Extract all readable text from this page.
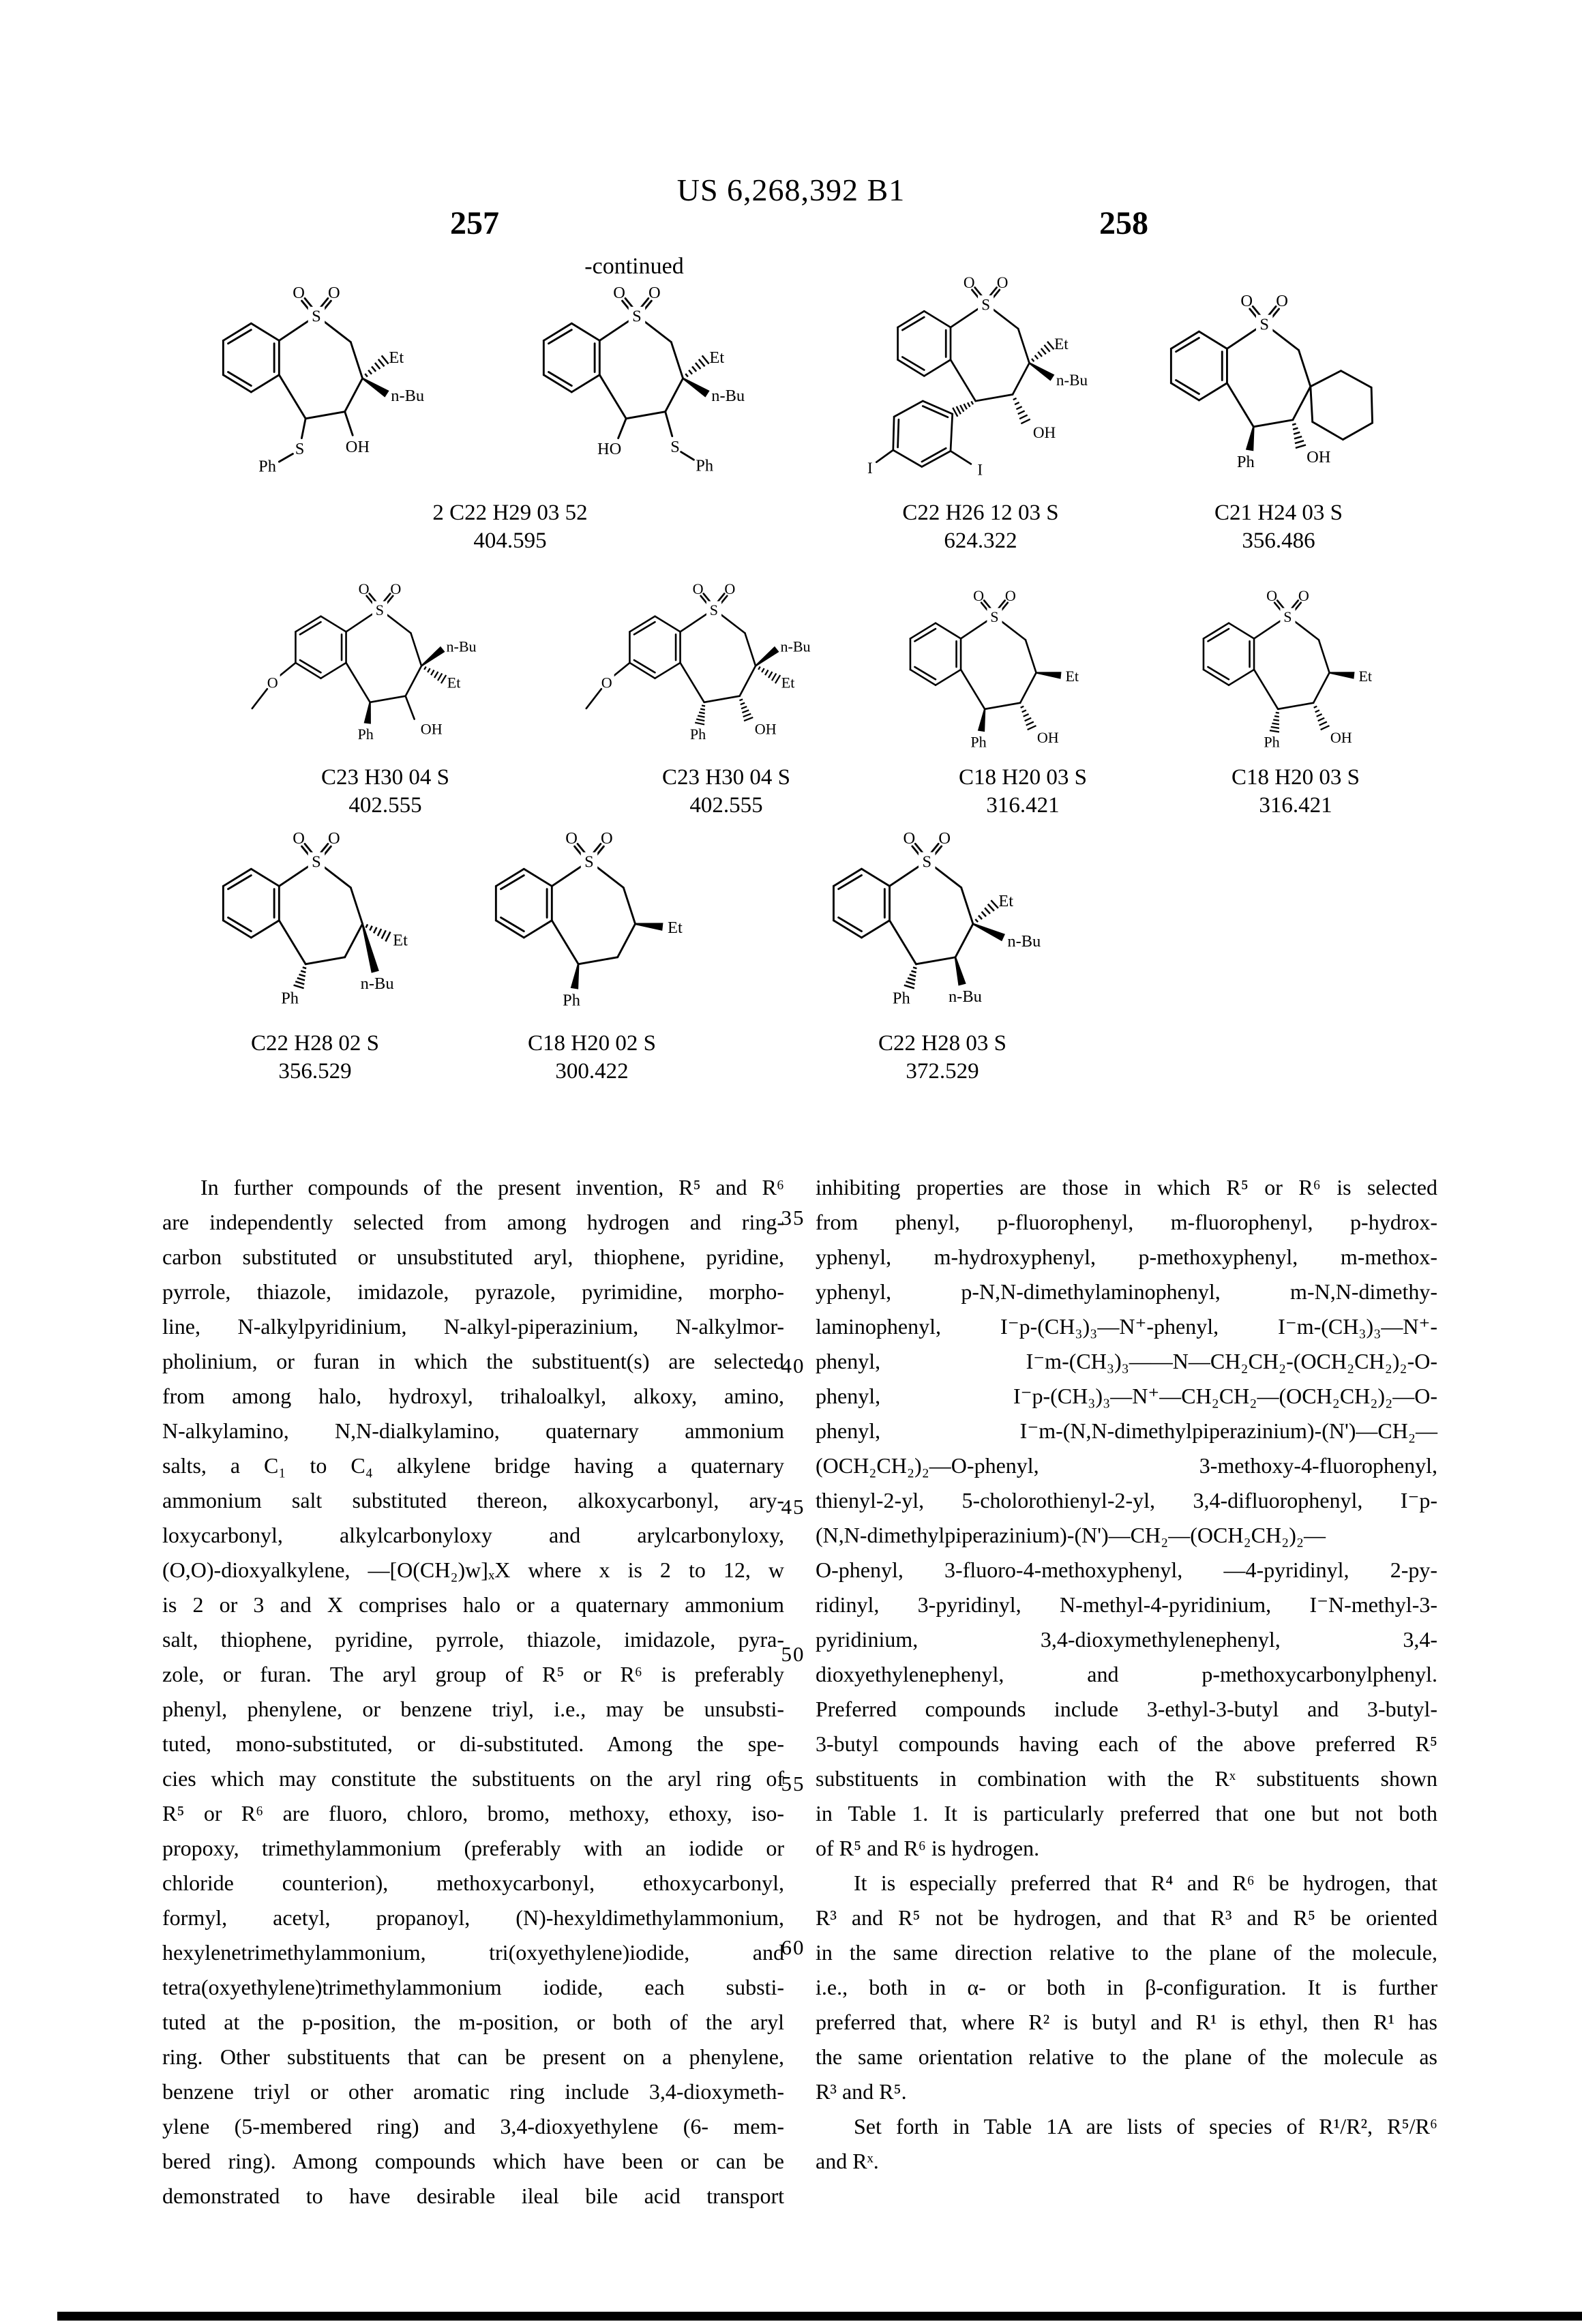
US 6,268,392 B1
257	258
-continued
O O
S
Et
n-Bu
OH
S
Ph
O O
S
Et
n-Bu
HO S
Ph
O O
S
Et
n-Bu
OH
I
I
O O
S
Ph OH
O O
S
O
n-Bu
Et
Ph OH
O O
S
O
n-Bu
Et
Ph OH
O O
S
Et
OH
Ph
O O
S
Et
OH
Ph
O O
S
Ph
Et
n-Bu
O O
S
Et
Ph
O O
S
Et
n-Bu
Ph n-Bu
2 C22 H29 03 52
404.595
C22 H26 12 03 S
624.322
C21 H24 03 S
356.486
C23 H30 04 S
402.555
C23 H30 04 S
402.555
C18 H20 03 S
316.421
C18 H20 03 S
316.421
C22 H28 02 S
356.529
C18 H20 02 S
300.422
C22 H28 03 S
372.529
In further compounds of the present invention, R⁵ and R⁶
are independently selected from among hydrogen and ring-
carbon substituted or unsubstituted aryl, thiophene, pyridine,
pyrrole, thiazole, imidazole, pyrazole, pyrimidine, morpho-
line, N-alkylpyridinium, N-alkyl-piperazinium, N-alkylmor-
pholinium, or furan in which the substituent(s) are selected
from among halo, hydroxyl, trihaloalkyl, alkoxy, amino,
N-alkylamino, N,N-dialkylamino, quaternary ammonium
salts, a C₁ to C₄ alkylene bridge having a quaternary
ammonium salt substituted thereon, alkoxycarbonyl, ary-
loxycarbonyl, alkylcarbonyloxy and arylcarbonyloxy,
(O,O)-dioxyalkylene, —[O(CH₂)w]ₓX where x is 2 to 12, w
is 2 or 3 and X comprises halo or a quaternary ammonium
salt, thiophene, pyridine, pyrrole, thiazole, imidazole, pyra-
zole, or furan. The aryl group of R⁵ or R⁶ is preferably
phenyl, phenylene, or benzene triyl, i.e., may be unsubsti-
tuted, mono-substituted, or di-substituted. Among the spe-
cies which may constitute the substituents on the aryl ring of
R⁵ or R⁶ are fluoro, chloro, bromo, methoxy, ethoxy, iso-
propoxy, trimethylammonium (preferably with an iodide or
chloride counterion), methoxycarbonyl, ethoxycarbonyl,
formyl, acetyl, propanoyl, (N)-hexyldimethylammonium,
hexylenetrimethylammonium, tri(oxyethylene)iodide, and
tetra(oxyethylene)trimethylammonium iodide, each substi-
tuted at the p-position, the m-position, or both of the aryl
ring. Other substituents that can be present on a phenylene,
benzene triyl or other aromatic ring include 3,4-dioxymeth-
ylene (5-membered ring) and 3,4-dioxyethylene (6- mem-
bered ring). Among compounds which have been or can be
demonstrated to have desirable ileal bile acid transport
inhibiting properties are those in which R⁵ or R⁶ is selected
from phenyl, p-fluorophenyl, m-fluorophenyl, p-hydrox-
yphenyl, m-hydroxyphenyl, p-methoxyphenyl, m-methox-
yphenyl, p-N,N-dimethylaminophenyl, m-N,N-dimethy-
laminophenyl, I⁻p-(CH₃)₃—N⁺-phenyl, I⁻m-(CH₃)₃—N⁺-
phenyl, I⁻m-(CH₃)₃——N—CH₂CH₂-(OCH₂CH₂)₂-O-
phenyl, I⁻p-(CH₃)₃—N⁺—CH₂CH₂—(OCH₂CH₂)₂—O-
phenyl, I⁻m-(N,N-dimethylpiperazinium)-(N')—CH₂—
(OCH₂CH₂)₂—O-phenyl, 3-methoxy-4-fluorophenyl,
thienyl-2-yl, 5-cholorothienyl-2-yl, 3,4-difluorophenyl, I⁻p-
(N,N-dimethylpiperazinium)-(N')—CH₂—(OCH₂CH₂)₂—
O-phenyl, 3-fluoro-4-methoxyphenyl, —4-pyridinyl, 2-py-
ridinyl, 3-pyridinyl, N-methyl-4-pyridinium, I⁻N-methyl-3-
pyridinium, 3,4-dioxymethylenephenyl, 3,4-
dioxyethylenephenyl, and p-methoxycarbonylphenyl.
Preferred compounds include 3-ethyl-3-butyl and 3-butyl-
3-butyl compounds having each of the above preferred R⁵
substituents in combination with the Rˣ substituents shown
in Table 1. It is particularly preferred that one but not both
of R⁵ and R⁶ is hydrogen.
It is especially preferred that R⁴ and R⁶ be hydrogen, that
R³ and R⁵ not be hydrogen, and that R³ and R⁵ be oriented
in the same direction relative to the plane of the molecule,
i.e., both in α- or both in β-configuration. It is further
preferred that, where R² is butyl and R¹ is ethyl, then R¹ has
the same orientation relative to the plane of the molecule as
R³ and R⁵.
Set forth in Table 1A are lists of species of R¹/R², R⁵/R⁶
and Rˣ.
35
40
45
50
55
60
